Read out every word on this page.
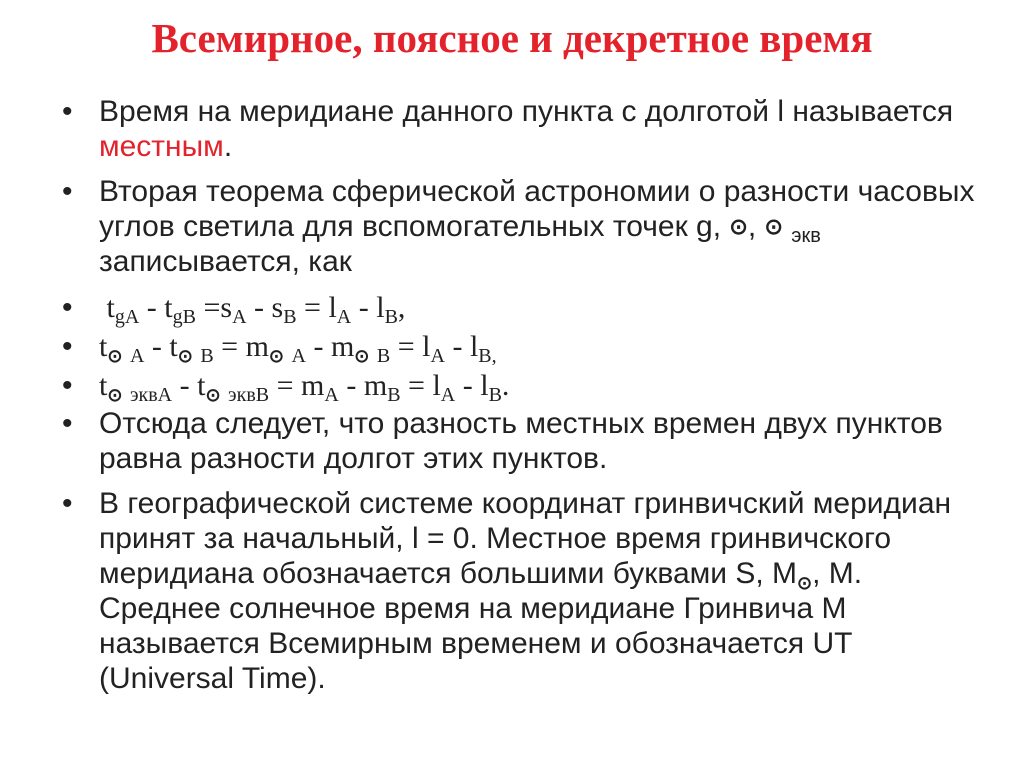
Всемирное, поясное и декретное время
• Время на меридиане данного пункта с долготой l называется местным.
• Вторая теорема сферической астрономии о разности часовых углов светила для вспомогательных точек g, ⊙, ⊙ $_{экв}$ записывается, как
• $t_{gA} - t_{gB} =s_A - s_B = l_A - l_B$,
• $t_⊙$ $_A - t_⊙$ $_B = m_⊙$ $_A - m_⊙$ $_B = l_A - l_{B,}$
• $t_⊙$ $_{эквA} - t_⊙$ $_{эквB} = m_A - m_B = l_A - l_B$.
• Отсюда следует, что разность местных времен двух пунктов равна разности долгот этих пунктов.
• В географической системе координат гринвичский меридиан принят за начальный, l = 0. Местное время гринвичского меридиана обозначается большими буквами S, $M_⊙$, M. Среднее солнечное время на меридиане Гринвича M называется Всемирным временем и обозначается UT (Universal Time).
